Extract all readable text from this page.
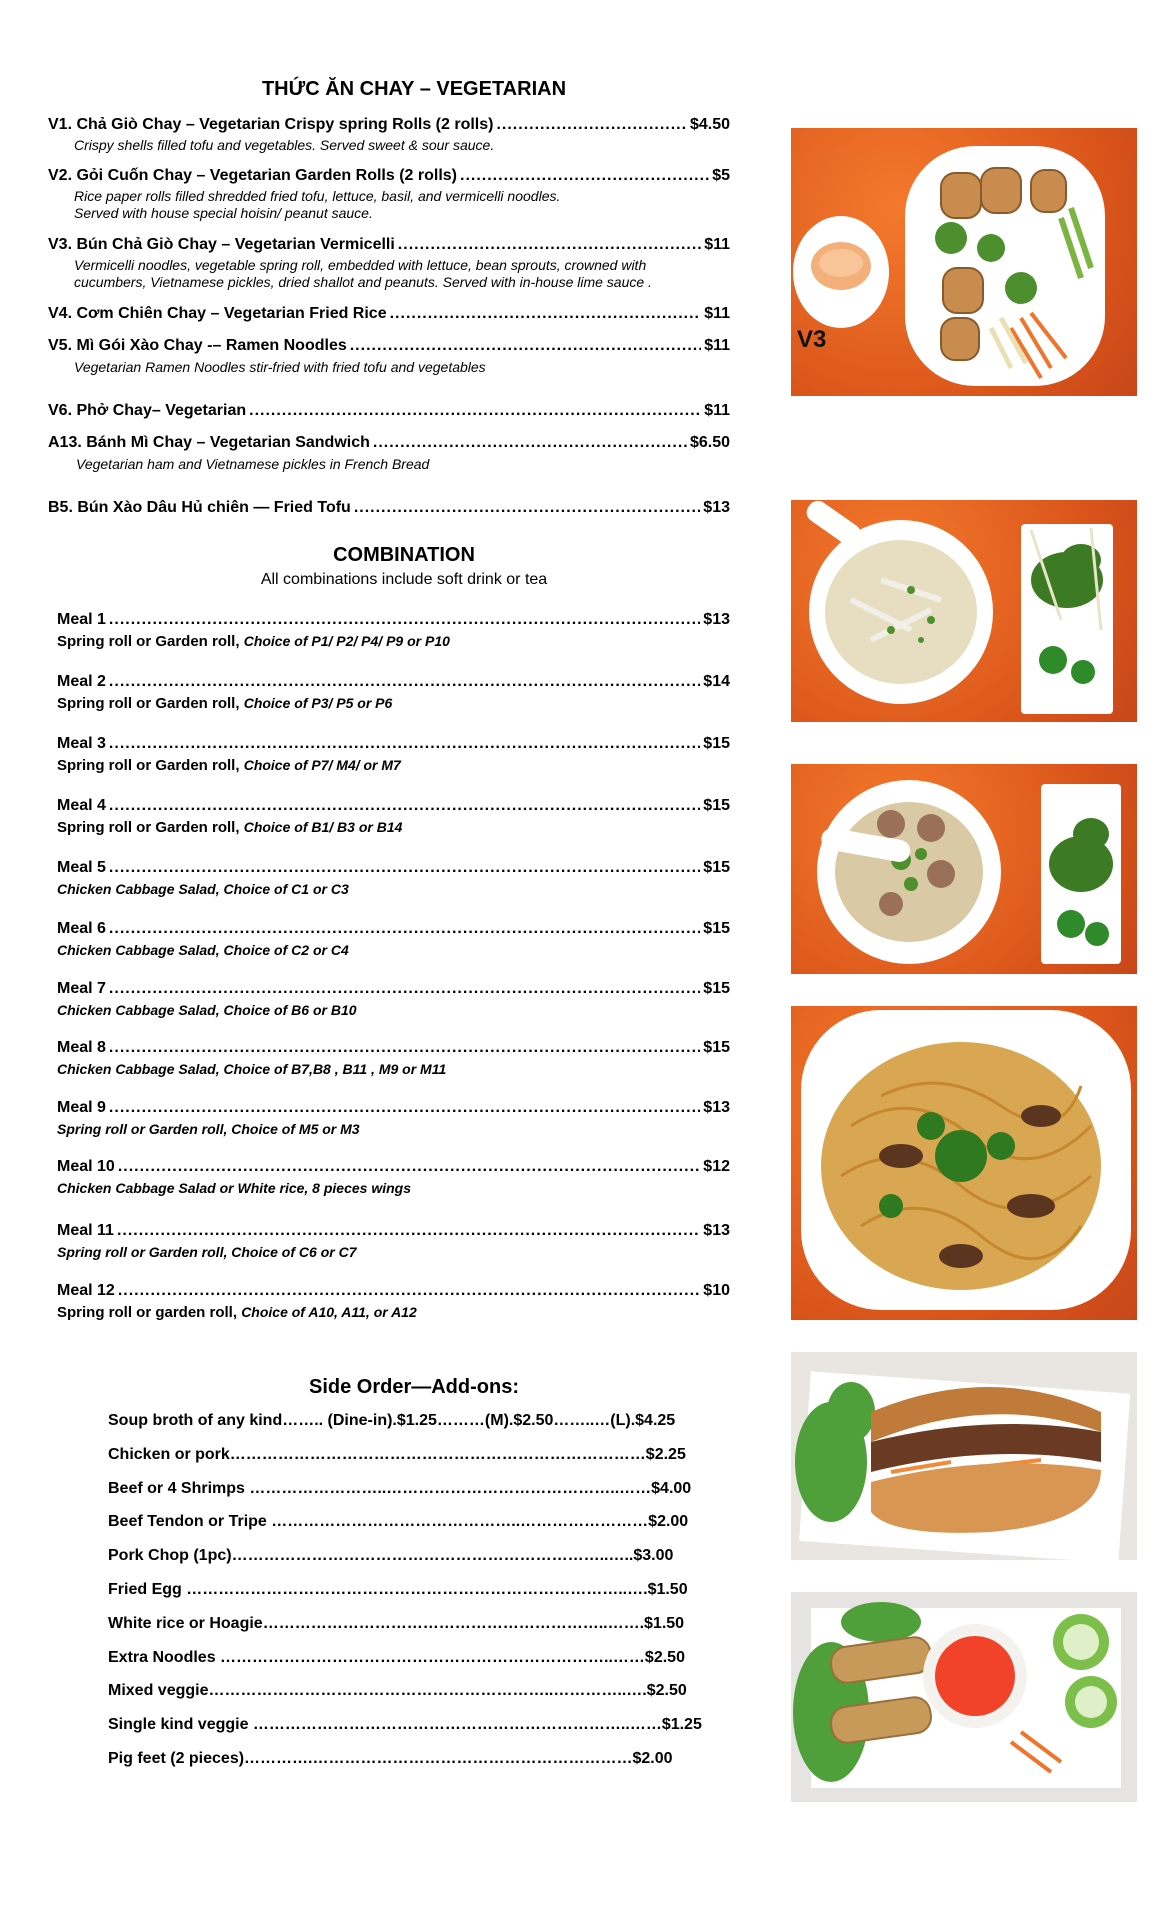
THỨC ĂN CHAY – VEGETARIAN
V1. Chả Giò Chay – Vegetarian Crispy spring Rolls (2 rolls) .....	$4.50
Crispy shells filled tofu and vegetables. Served sweet & sour sauce.
V2. Gỏi Cuốn Chay – Vegetarian Garden Rolls (2 rolls) .....	$5
Rice paper rolls filled shredded fried tofu, lettuce, basil, and vermicelli noodles.
Served with house special hoisin/ peanut sauce.
V3. Bún Chả Giò Chay – Vegetarian Vermicelli .....	$11
Vermicelli noodles, vegetable spring roll, embedded with lettuce, bean sprouts, crowned with
cucumbers, Vietnamese pickles, dried shallot and peanuts. Served with in-house lime sauce .
V4. Cơm Chiên Chay – Vegetarian Fried Rice .....	$11
V5. Mì Gói Xào Chay -– Ramen Noodles .....	$11
Vegetarian Ramen Noodles stir-fried with fried tofu and vegetables
V6. Phở Chay– Vegetarian .....	$11
A13. Bánh Mì Chay – Vegetarian Sandwich .....	$6.50
Vegetarian ham and Vietnamese pickles in French Bread
B5. Bún Xào Dâu Hủ chiên — Fried Tofu .....	$13
COMBINATION
All combinations include soft drink or tea
Meal 1 .....	$13
Spring roll or Garden roll, Choice of P1/ P2/ P4/ P9 or P10
Meal 2 .....	$14
Spring roll or Garden roll, Choice of P3/ P5 or P6
Meal 3 .....	$15
Spring roll or Garden roll, Choice of P7/ M4/ or M7
Meal 4 .....	$15
Spring roll or Garden roll, Choice of B1/ B3 or B14
Meal 5 .....	$15
Chicken Cabbage Salad, Choice of C1 or C3
Meal 6 .....	$15
Chicken Cabbage Salad, Choice of C2 or C4
Meal 7 .....	$15
Chicken Cabbage Salad, Choice of B6 or B10
Meal 8 .....	$15
Chicken Cabbage Salad, Choice of B7,B8 , B11 , M9 or M11
Meal 9 .....	$13
Spring roll or Garden roll, Choice of M5 or M3
Meal 10 .....	$12
Chicken Cabbage Salad or White rice, 8 pieces wings
Meal 11 .....	$13
Spring roll or Garden roll, Choice of C6 or C7
Meal 12 .....	$10
Spring roll or garden roll, Choice of A10, A11, or A12
Side Order—Add-ons:
Soup broth of any kind…….. (Dine-in).$1.25………(M).$2.50……..…(L).$4.25
Chicken or pork……………………………………………………………………$2.25
Beef or 4 Shrimps ……………………..……………………………………..……$4.00
Beef Tendon or Tripe ………………………………………..……………………$2.00
Pork Chop (1pc)……………………………………………………………..…..$3.00
Fried Egg ………………………………………………………………………..….$1.50
White rice or Hoagie………………………………………………………..…….$1.50
Extra Noodles ………………………………………………………………..……$2.50
Mixed veggie………………………………………………………..…………..….$2.50
Single kind veggie ……………………………………………………………..……$1.25
Pig feet (2 pieces)………….……………………………………………………$2.00
V3
